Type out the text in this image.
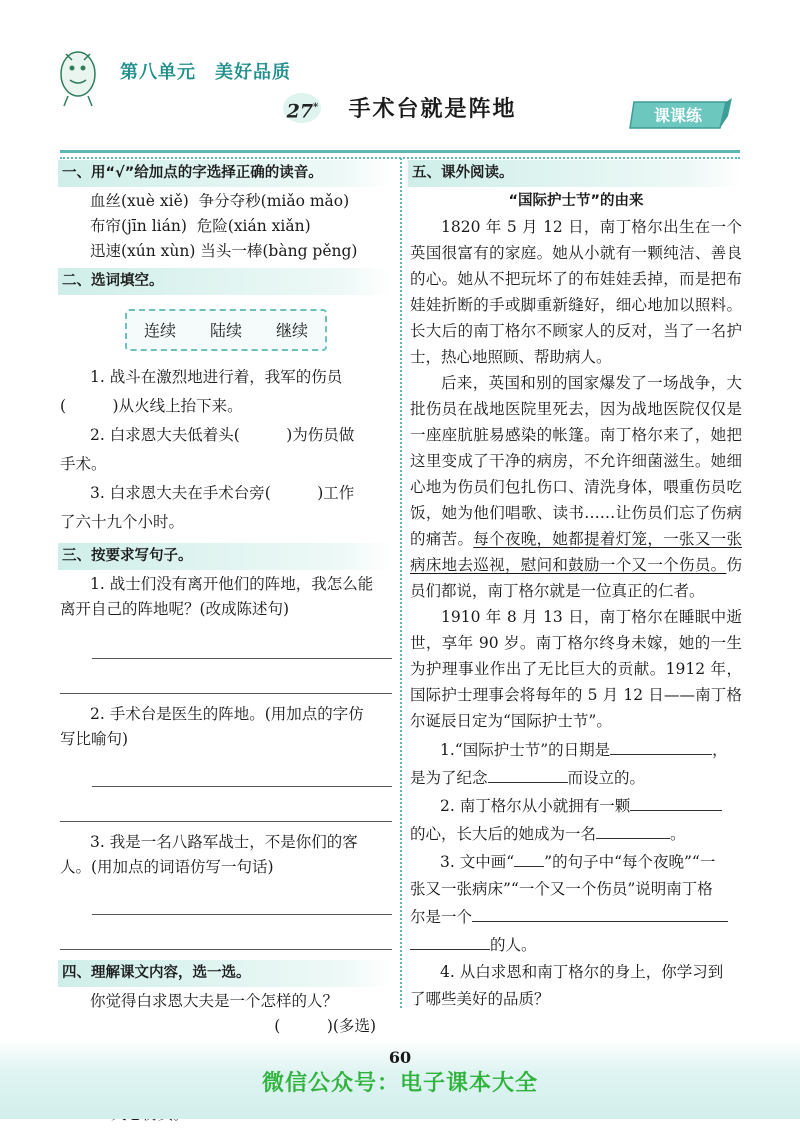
第八单元　美好品质
27* 手术台就是阵地	课课练
一、用“√”给加点的字选择正确的读音。
血丝(xuè xiě) 争分夺秒(miǎo mǎo)
布帘(jīn lián) 危险(xián xiǎn)
迅速(xún xùn) 当头一棒(bàng pěng)
二、选词填空。
连续 陆续 继续
1. 战斗在激烈地进行着，我军的伤员
(　　　)从火线上抬下来。
2. 白求恩大夫低着头(　　　)为伤员做
手术。
3. 白求恩大夫在手术台旁(　　　)工作
了六十九个小时。
三、按要求写句子。
1. 战士们没有离开他们的阵地，我怎么能
离开自己的阵地呢？(改成陈述句)
2. 手术台是医生的阵地。(用加点的字仿
写比喻句)
3. 我是一名八路军战士，不是你们的客
人。(用加点的词语仿写一句话)
四、理解课文内容，选一选。
你觉得白求恩大夫是一个怎样的人？
(　　　)(多选)
五、课外阅读。
“国际护士节”的由来
1820 年 5 月 12 日，南丁格尔出生在一个英国很富有的家庭。她从小就有一颗纯洁、善良的心。她从不把玩坏了的布娃娃丢掉，而是把布娃娃折断的手或脚重新缝好，细心地加以照料。长大后的南丁格尔不顾家人的反对，当了一名护士，热心地照顾、帮助病人。
后来，英国和别的国家爆发了一场战争，大批伤员在战地医院里死去，因为战地医院仅仅是一座座肮脏易感染的帐篷。南丁格尔来了，她把这里变成了干净的病房，不允许细菌滋生。她细心地为伤员们包扎伤口、清洗身体，喂重伤员吃饭，她为他们唱歌、读书……让伤员们忘了伤病的痛苦。每个夜晚，她都提着灯笼，一张又一张病床地去巡视，慰问和鼓励一个又一个伤员。伤员们都说，南丁格尔就是一位真正的仁者。
1910 年 8 月 13 日，南丁格尔在睡眠中逝世，享年 90 岁。南丁格尔终身未嫁，她的一生为护理事业作出了无比巨大的贡献。1912 年，国际护士理事会将每年的 5 月 12 日——南丁格尔诞辰日定为“国际护士节”。
1.“国际护士节”的日期是	，
是为了纪念	而设立的。
2. 南丁格尔从小就拥有一颗
的心，长大后的她成为一名	。
3. 文中画“ ”的句子中“每个夜晚”“一
张又一张病床”“一个又一个伤员”说明南丁格
尔是一个
的人。
4. 从白求恩和南丁格尔的身上，你学习到
了哪些美好的品质？
60
微信公众号：电子课本大全
